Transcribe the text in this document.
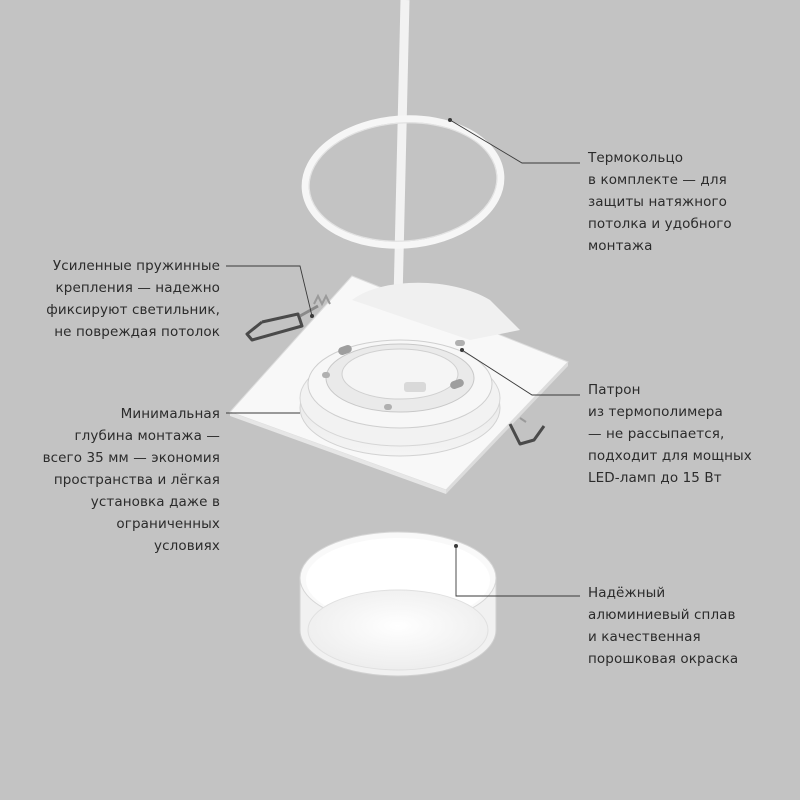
Термокольцо
в комплекте — для
защиты натяжного
потолка и удобного
монтажа
Усиленные пружинные
крепления — надежно
фиксируют светильник,
не повреждая потолок
Патрон
из термополимера
— не рассыпается,
подходит для мощных
LED-ламп до 15 Вт
Минимальная
глубина монтажа —
всего 35 мм — экономия
пространства и лёгкая
установка даже в
ограниченных
условиях
Надёжный
алюминиевый сплав
и качественная
порошковая окраска
